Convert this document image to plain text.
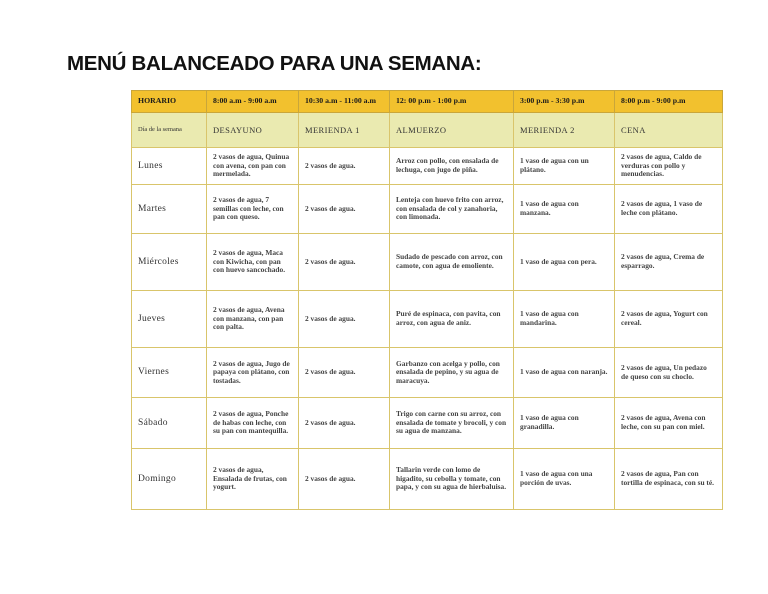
MENÚ BALANCEADO PARA UNA SEMANA:
HORARIO	8:00 a.m - 9:00 a.m	10:30 a.m - 11:00 a.m	12: 00 p.m - 1:00 p.m	3:00 p.m - 3:30 p.m	8:00 p.m - 9:00 p.m
Día de la semana	DESAYUNO	MERIENDA 1	ALMUERZO	MERIENDA 2	CENA
Lunes	2 vasos de agua, Quinua con avena, con pan con mermelada.	2 vasos de agua.	Arroz con pollo, con ensalada de lechuga, con jugo de piña.	1 vaso de agua con un plátano.	2 vasos de agua, Caldo de verduras con pollo y menudencias.
Martes	2 vasos de agua, 7 semillas con leche, con pan con queso.	2 vasos de agua.	Lenteja con huevo frito con arroz, con ensalada de col y zanahoria, con limonada.	1 vaso de agua con manzana.	2 vasos de agua, 1 vaso de leche con plátano.
Miércoles	2 vasos de agua, Maca con Kiwicha, con pan con huevo sancochado.	2 vasos de agua.	Sudado de pescado con arroz, con camote, con agua de emoliente.	1 vaso de agua con pera.	2 vasos de agua, Crema de esparrago.
Jueves	2 vasos de agua, Avena con manzana, con pan con palta.	2 vasos de agua.	Puré de espinaca, con pavita, con arroz, con agua de aniz.	1 vaso de agua con mandarina.	2 vasos de agua, Yogurt con cereal.
Viernes	2 vasos de agua, Jugo de papaya con plátano, con tostadas.	2 vasos de agua.	Garbanzo con acelga y pollo, con ensalada de pepino, y su agua de maracuya.	1 vaso de agua con naranja.	2 vasos de agua, Un pedazo de queso con su choclo.
Sábado	2 vasos de agua, Ponche de habas con leche, con su pan con mantequilla.	2 vasos de agua.	Trigo con carne con su arroz, con ensalada de tomate y brocoli, y con su agua de manzana.	1 vaso de agua con granadilla.	2 vasos de agua, Avena con leche, con su pan con miel.
Domingo	2 vasos de agua, Ensalada de frutas, con yogurt.	2 vasos de agua.	Tallarin verde con lomo de higadito, su cebolla y tomate, con papa, y con su agua de hierbaluisa.	1 vaso de agua con una porción de uvas.	2 vasos de agua, Pan con tortilla de espinaca, con su té.
